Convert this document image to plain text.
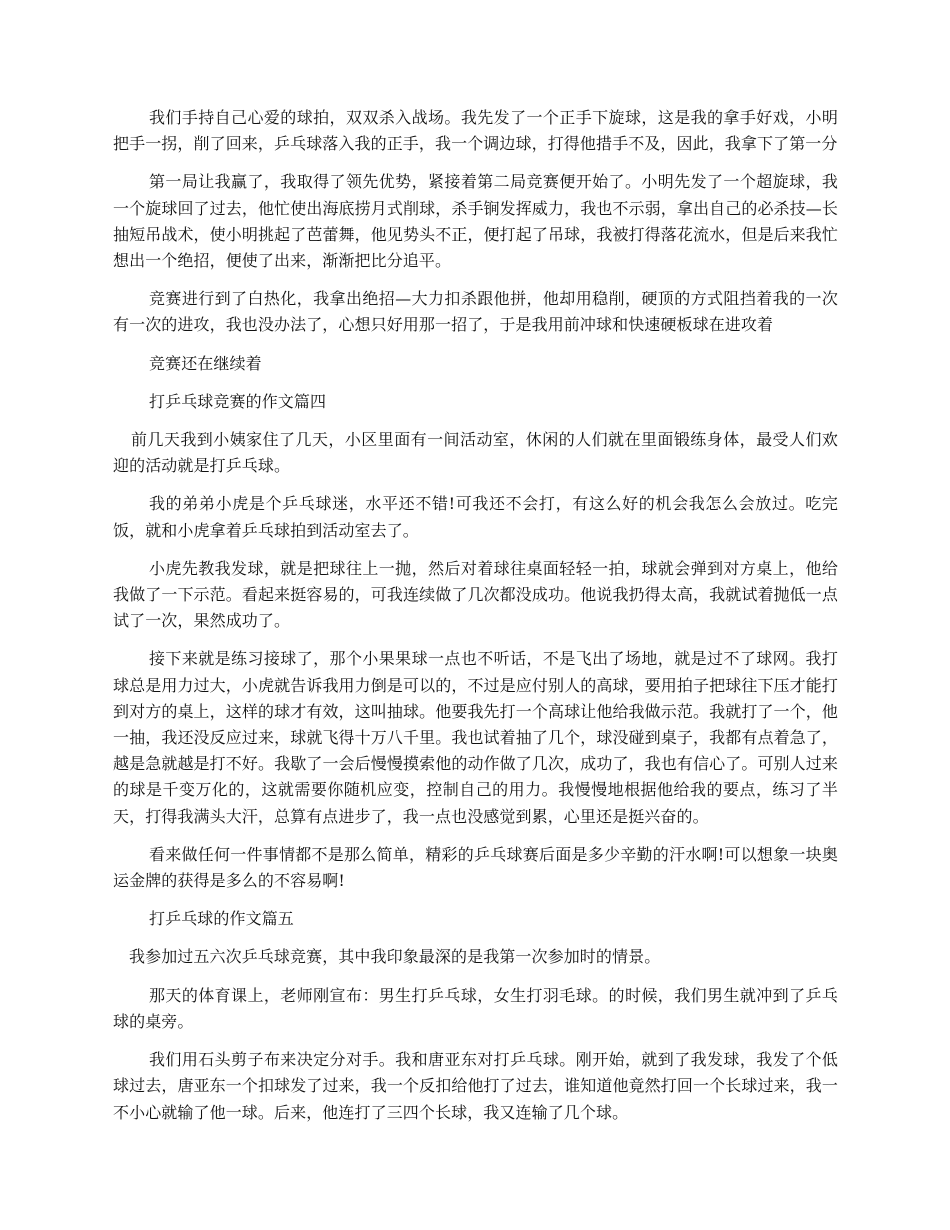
我们手持自己心爱的球拍，双双杀入战场。我先发了一个正手下旋球，这是我的拿手好戏，小明把手一拐，削了回来，乒乓球落入我的正手，我一个调边球，打得他措手不及，因此，我拿下了第一分

第一局让我赢了，我取得了领先优势，紧接着第二局竞赛便开始了。小明先发了一个超旋球，我一个旋球回了过去，他忙使出海底捞月式削球，杀手锏发挥威力，我也不示弱，拿出自己的必杀技—长抽短吊战术，使小明挑起了芭蕾舞，他见势头不正，便打起了吊球，我被打得落花流水，但是后来我忙想出一个绝招，便使了出来，渐渐把比分追平。

竞赛进行到了白热化，我拿出绝招—大力扣杀跟他拼，他却用稳削，硬顶的方式阻挡着我的一次有一次的进攻，我也没办法了，心想只好用那一招了，于是我用前冲球和快速硬板球在进攻着

竞赛还在继续着

打乒乓球竞赛的作文篇四

前几天我到小姨家住了几天，小区里面有一间活动室，休闲的人们就在里面锻练身体，最受人们欢迎的活动就是打乒乓球。

我的弟弟小虎是个乒乓球迷，水平还不错!可我还不会打，有这么好的机会我怎么会放过。吃完饭，就和小虎拿着乒乓球拍到活动室去了。

小虎先教我发球，就是把球往上一抛，然后对着球往桌面轻轻一拍，球就会弹到对方桌上，他给我做了一下示范。看起来挺容易的，可我连续做了几次都没成功。他说我扔得太高，我就试着抛低一点试了一次，果然成功了。

接下来就是练习接球了，那个小果果球一点也不听话，不是飞出了场地，就是过不了球网。我打球总是用力过大，小虎就告诉我用力倒是可以的，不过是应付别人的高球，要用拍子把球往下压才能打到对方的桌上，这样的球才有效，这叫抽球。他要我先打一个高球让他给我做示范。我就打了一个，他一抽，我还没反应过来，球就飞得十万八千里。我也试着抽了几个，球没碰到桌子，我都有点着急了，越是急就越是打不好。我歇了一会后慢慢摸索他的动作做了几次，成功了，我也有信心了。可别人过来的球是千变万化的，这就需要你随机应变，控制自己的用力。我慢慢地根据他给我的要点，练习了半天，打得我满头大汗，总算有点进步了，我一点也没感觉到累，心里还是挺兴奋的。

看来做任何一件事情都不是那么简单，精彩的乒乓球赛后面是多少辛勤的汗水啊!可以想象一块奥运金牌的获得是多么的不容易啊!

打乒乓球的作文篇五

我参加过五六次乒乓球竞赛，其中我印象最深的是我第一次参加时的情景。

那天的体育课上，老师刚宣布：男生打乒乓球，女生打羽毛球。的时候，我们男生就冲到了乒乓球的桌旁。

我们用石头剪子布来决定分对手。我和唐亚东对打乒乓球。刚开始，就到了我发球，我发了个低球过去，唐亚东一个扣球发了过来，我一个反扣给他打了过去，谁知道他竟然打回一个长球过来，我一不小心就输了他一球。后来，他连打了三四个长球，我又连输了几个球。
